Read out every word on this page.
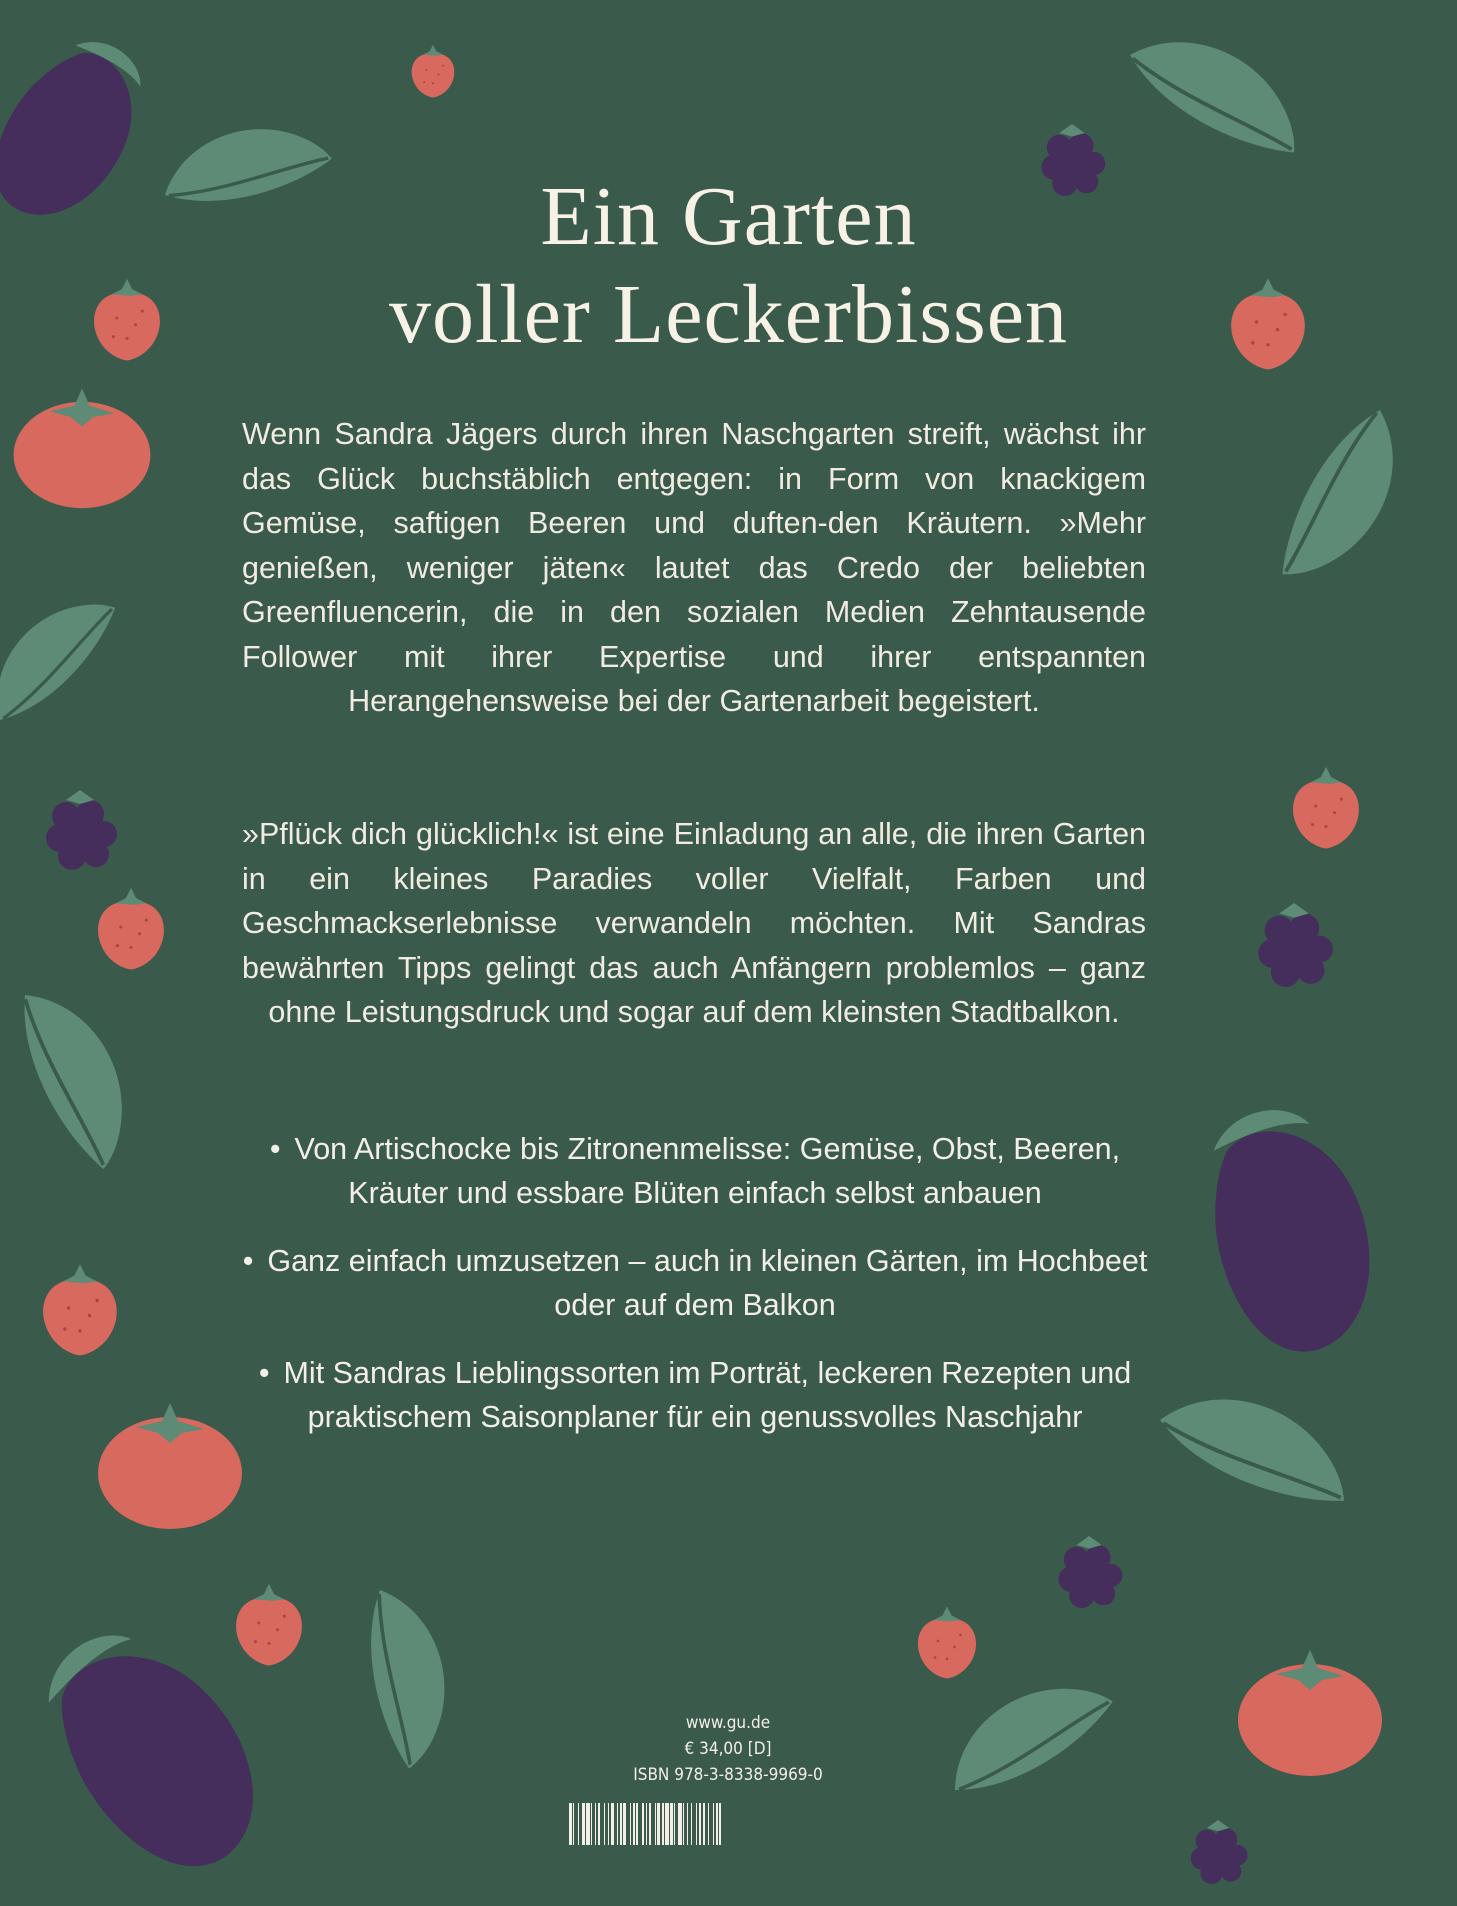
Ein Garten
voller Leckerbissen

Wenn Sandra Jägers durch ihren Naschgarten streift, wächst ihr das Glück buchstäblich entgegen: in Form von knackigem Gemüse, saftigen Beeren und duften-den Kräutern. »Mehr genießen, weniger jäten« lautet das Credo der beliebten Greenfluencerin, die in den sozialen Medien Zehntausende Follower mit ihrer Expertise und ihrer entspannten Herangehensweise bei der Gartenarbeit begeistert.

»Pflück dich glücklich!« ist eine Einladung an alle, die ihren Garten in ein kleines Paradies voller Vielfalt, Farben und Geschmackserlebnisse verwandeln möchten. Mit Sandras bewährten Tipps gelingt das auch Anfängern problemlos – ganz ohne Leistungsdruck und sogar auf dem kleinsten Stadtbalkon.

• Von Artischocke bis Zitronenmelisse: Gemüse, Obst, Beeren, Kräuter und essbare Blüten einfach selbst anbauen
• Ganz einfach umzusetzen – auch in kleinen Gärten, im Hochbeet oder auf dem Balkon
• Mit Sandras Lieblingssorten im Porträt, leckeren Rezepten und praktischem Saisonplaner für ein genussvolles Naschjahr
www.gu.de
€ 34,00 [D]
ISBN 978-3-8338-9969-0
